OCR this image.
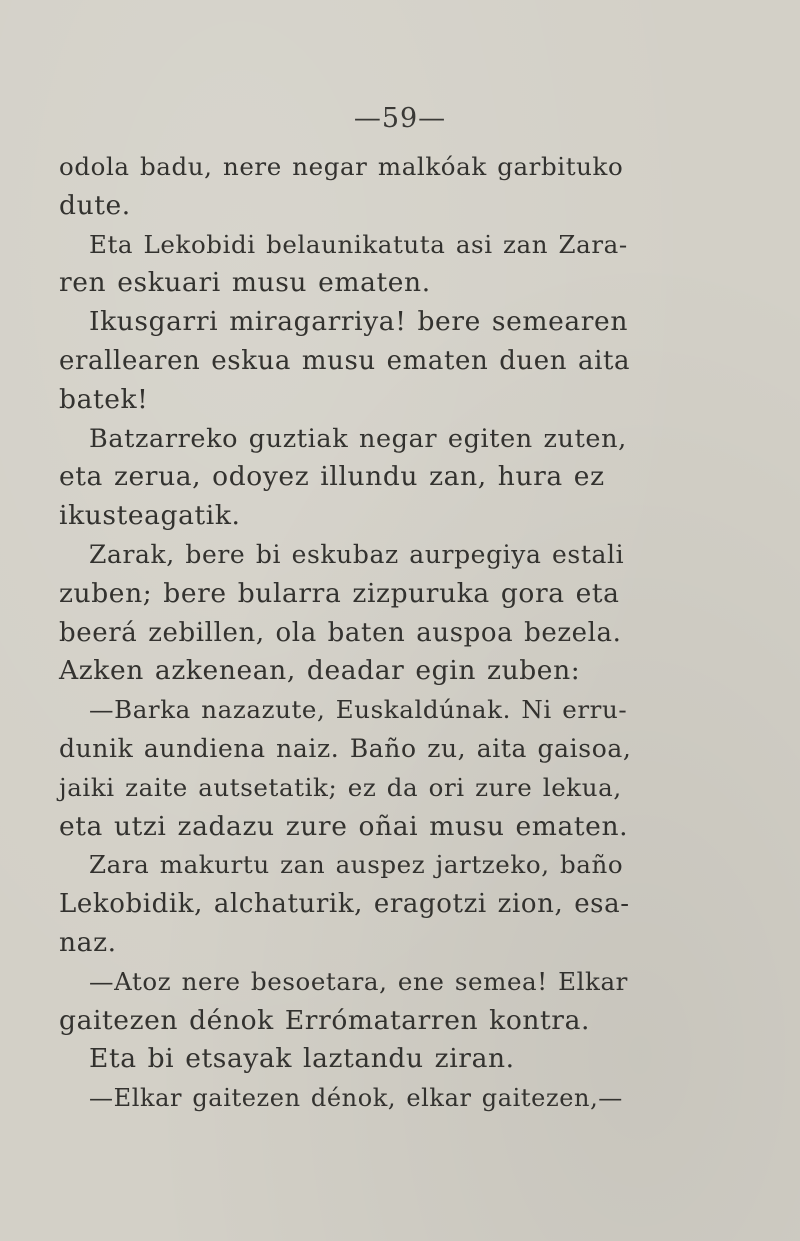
—59—
odola badu, nere negar malkóak garbituko
dute.
Eta Lekobidi belaunikatuta asi zan Zara-
ren eskuari musu ematen.
Ikusgarri miragarriya! bere semearen
erallearen eskua musu ematen duen aita
batek!
Batzarreko guztiak negar egiten zuten,
eta zerua, odoyez illundu zan, hura ez
ikusteagatik.
Zarak, bere bi eskubaz aurpegiya estali
zuben; bere bularra zizpuruka gora eta
beerá zebillen, ola baten auspoa bezela.
Azken azkenean, deadar egin zuben:
—Barka nazazute, Euskaldúnak. Ni erru-
dunik aundiena naiz. Baño zu, aita gaisoa,
jaiki zaite autsetatik; ez da ori zure lekua,
eta utzi zadazu zure oñai musu ematen.
Zara makurtu zan auspez jartzeko, baño
Lekobidik, alchaturik, eragotzi zion, esa-
naz.
—Atoz nere besoetara, ene semea! Elkar
gaitezen dénok Errómatarren kontra.
Eta bi etsayak laztandu ziran.
—Elkar gaitezen dénok, elkar gaitezen,—
